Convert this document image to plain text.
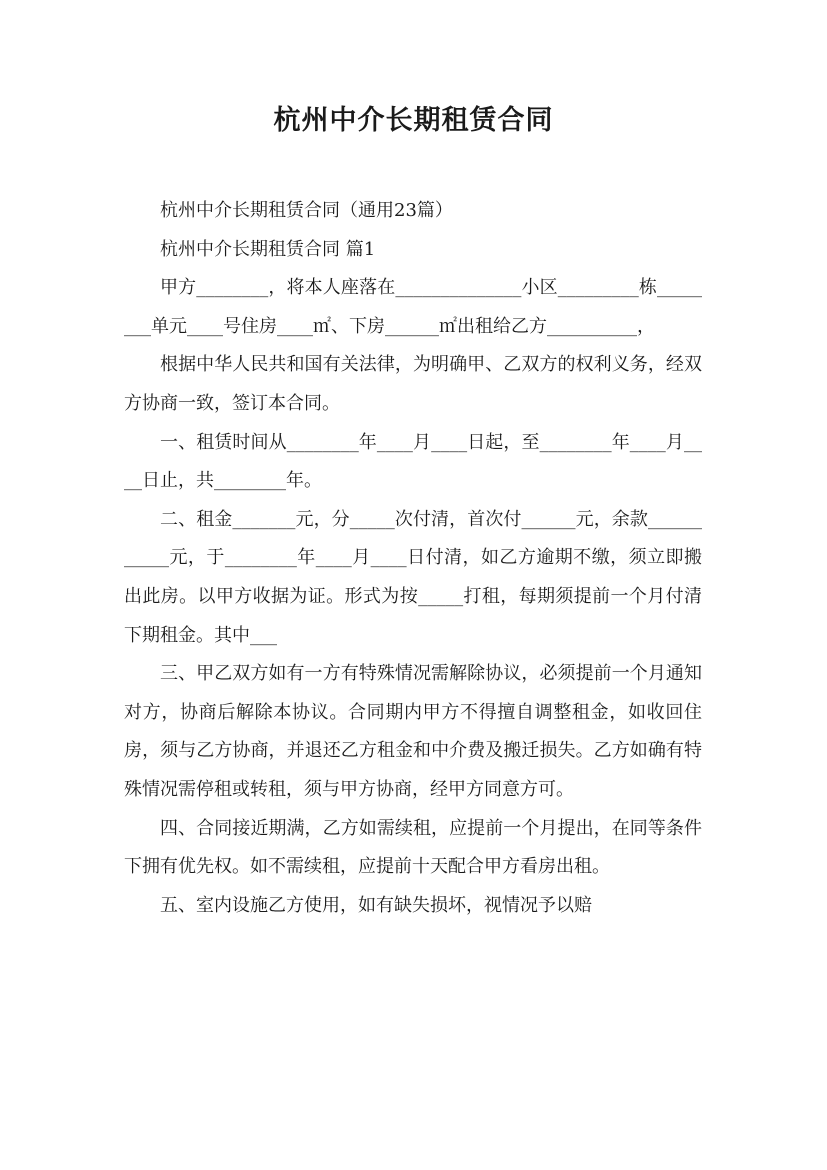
杭州中介长期租赁合同

杭州中介长期租赁合同（通用23篇）

杭州中介长期租赁合同 篇1

甲方________，将本人座落在______________小区_________栋________单元____号住房____㎡、下房______㎡出租给乙方__________，

根据中华人民共和国有关法律，为明确甲、乙双方的权利义务，经双方协商一致，签订本合同。

一、租赁时间从________年____月____日起，至________年____月____日止，共________年。

二、租金_______元，分_____次付清，首次付______元，余款___________元，于________年____月____日付清，如乙方逾期不缴，须立即搬出此房。以甲方收据为证。形式为按_____打租，每期须提前一个月付清下期租金。其中___

三、甲乙双方如有一方有特殊情况需解除协议，必须提前一个月通知对方，协商后解除本协议。合同期内甲方不得擅自调整租金，如收回住房，须与乙方协商，并退还乙方租金和中介费及搬迁损失。乙方如确有特殊情况需停租或转租，须与甲方协商，经甲方同意方可。

四、合同接近期满，乙方如需续租，应提前一个月提出，在同等条件下拥有优先权。如不需续租，应提前十天配合甲方看房出租。

五、室内设施乙方使用，如有缺失损坏，视情况予以赔
